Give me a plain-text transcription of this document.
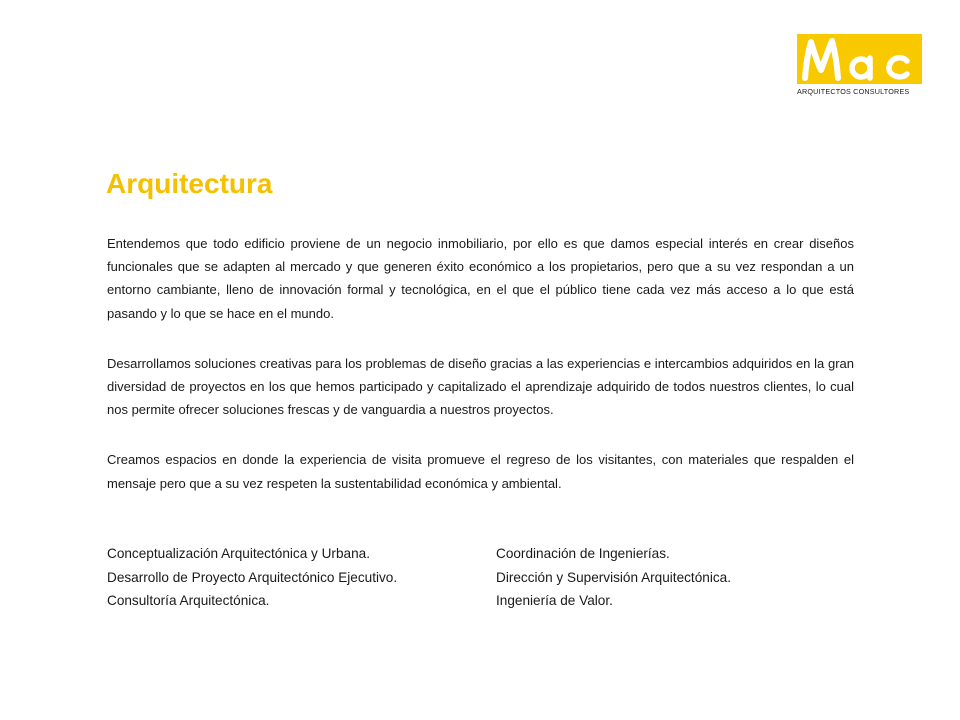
ARQUITECTOS CONSULTORES
Arquitectura

Entendemos que todo edificio proviene de un negocio inmobiliario, por ello es que damos especial interés en crear diseños funcionales que se adapten al mercado y que generen éxito económico a los propietarios, pero que a su vez respondan a un entorno cambiante, lleno de innovación formal y tecnológica, en el que el público tiene cada vez más acceso a lo que está pasando y lo que se hace en el mundo.

Desarrollamos soluciones creativas para los problemas de diseño gracias a las experiencias e intercambios adquiridos en la gran diversidad de proyectos en los que hemos participado y capitalizado el aprendizaje adquirido de todos nuestros clientes, lo cual nos permite ofrecer soluciones frescas y de vanguardia a nuestros proyectos.

Creamos espacios en donde la experiencia de visita promueve el regreso de los visitantes, con materiales que respalden el mensaje pero que a su vez respeten la sustentabilidad económica y ambiental.

Conceptualización Arquitectónica y Urbana.
Desarrollo de Proyecto Arquitectónico Ejecutivo.
Consultoría Arquitectónica.
Coordinación de Ingenierías.
Dirección y Supervisión Arquitectónica.
Ingeniería de Valor.
